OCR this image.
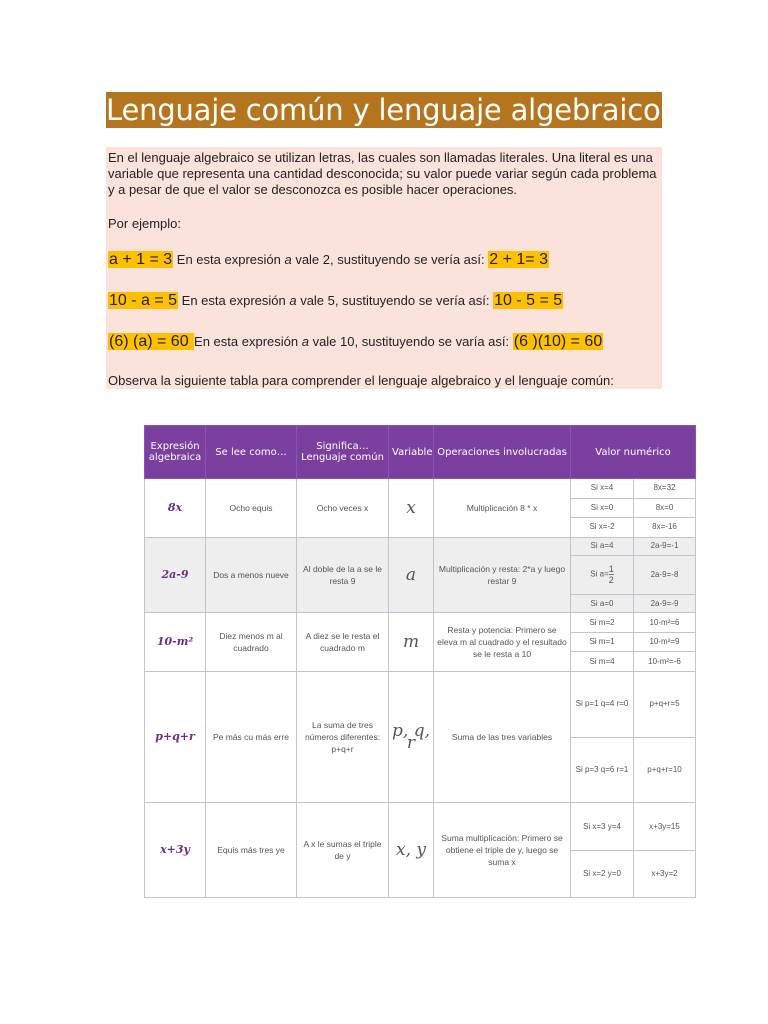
Lenguaje común y lenguaje algebraico

En el lenguaje algebraico se utilizan letras, las cuales son llamadas literales. Una literal es una variable que representa una cantidad desconocida; su valor puede variar según cada problema y a pesar de que el valor se desconozca es posible hacer operaciones.

Por ejemplo:

a + 1 = 3 En esta expresión a vale 2, sustituyendo se vería así: 2 + 1= 3

10 - a = 5 En esta expresión a vale 5, sustituyendo se vería así: 10 - 5 = 5

(6) (a) = 60 En esta expresión a vale 10, sustituyendo se varía así: (6 )(10) = 60

Observa la siguiente tabla para comprender el lenguaje algebraico y el lenguaje común:

Expresión algebraica	Se lee como…	Significa… Lenguaje común	Variable	Operaciones involucradas	Valor numérico	
8x	Ocho equis	Ocho veces x	x	Multiplicación 8 * x	Si x=4	8x=32
					Si x=0	8x=0
					Si x=-2	8x=-16
2a-9	Dos a menos nueve	Al doble de la a se le resta 9	a	Multiplicación y resta: 2*a y luego restar 9	Si a=4	2a-9=-1
					Si $a= \frac{1}{2}$	2a-9=-8
					Si a=0	2a-9=-9
10-m²	Diez menos m al cuadrado	A diez se le resta el cuadrado m	m	Resta y potencia: Primero se eleva m al cuadrado y el resultado se le resta a 10	Si m=2	10-m²=6
					Si m=1	10-m²=9
					Si m=4	10-m²=-6
p+q+r	Pe más cu más erre	La suma de tres números diferentes: p+q+r	p, q, r	Suma de las tres variables	Si p=1 q=4 r=0	p+q+r=5
					Si p=3 q=6 r=1	p+q+r=10
x+3y	Equis más tres ye	A x le sumas el triple de y	x, y	Suma multiplicación: Primero se obtiene el triple de y, luego se suma x	Si x=3 y=4	x+3y=15
					Si x=2 y=0	x+3y=2
